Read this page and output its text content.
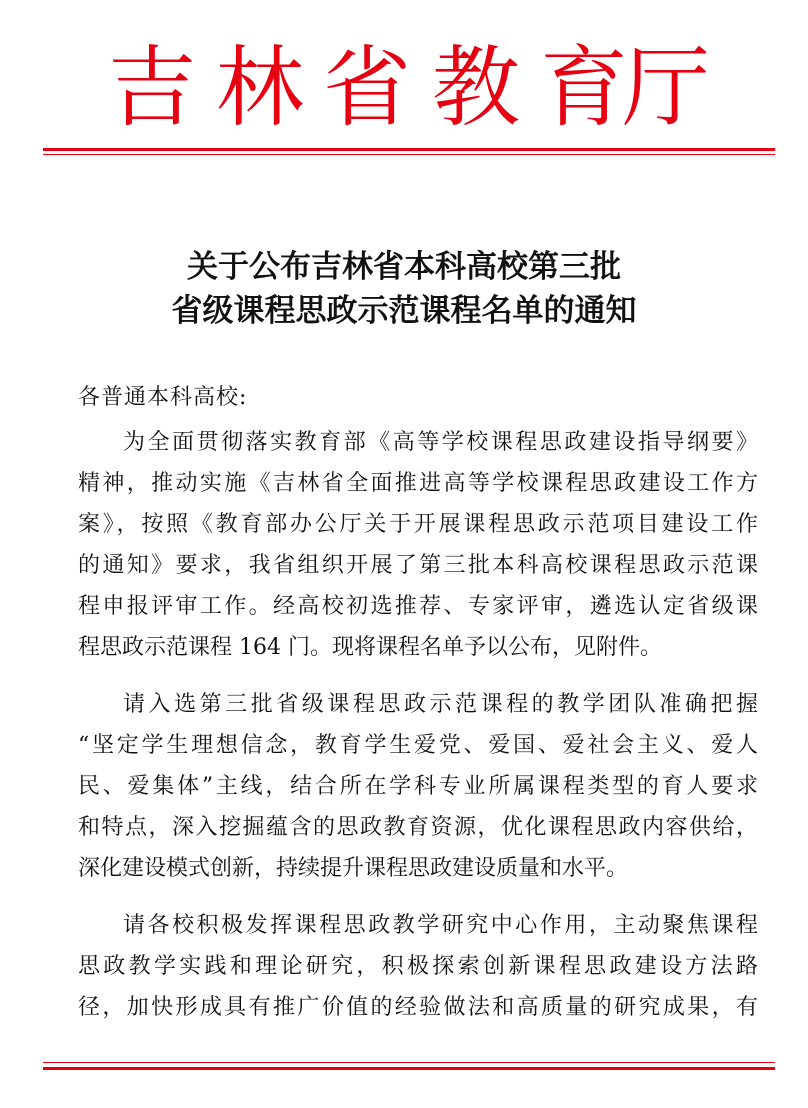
吉 林 省 教 育
厅
关于公布吉林省本科高校第三批
省级课程思政示范课程名单的通知
各普通本科高校:
为全面贯彻落实教育部《高等学校课程思政建设指导纲要》
精神，推动实施《吉林省全面推进高等学校课程思政建设工作方
案》，按照《教育部办公厅关于开展课程思政示范项目建设工作
的通知》要求，我省组织开展了第三批本科高校课程思政示范课
程申报评审工作。经高校初选推荐、专家评审，遴选认定省级课
程思政示范课程 164 门。现将课程名单予以公布，见附件。
请入选第三批省级课程思政示范课程的教学团队准确把握
“坚定学生理想信念，教育学生爱党、爱国、爱社会主义、爱人
民、爱集体”主线，结合所在学科专业所属课程类型的育人要求
和特点，深入挖掘蕴含的思政教育资源，优化课程思政内容供给，
深化建设模式创新，持续提升课程思政建设质量和水平。
请各校积极发挥课程思政教学研究中心作用，主动聚焦课程
思政教学实践和理论研究，积极探索创新课程思政建设方法路
径，加快形成具有推广价值的经验做法和高质量的研究成果，有
